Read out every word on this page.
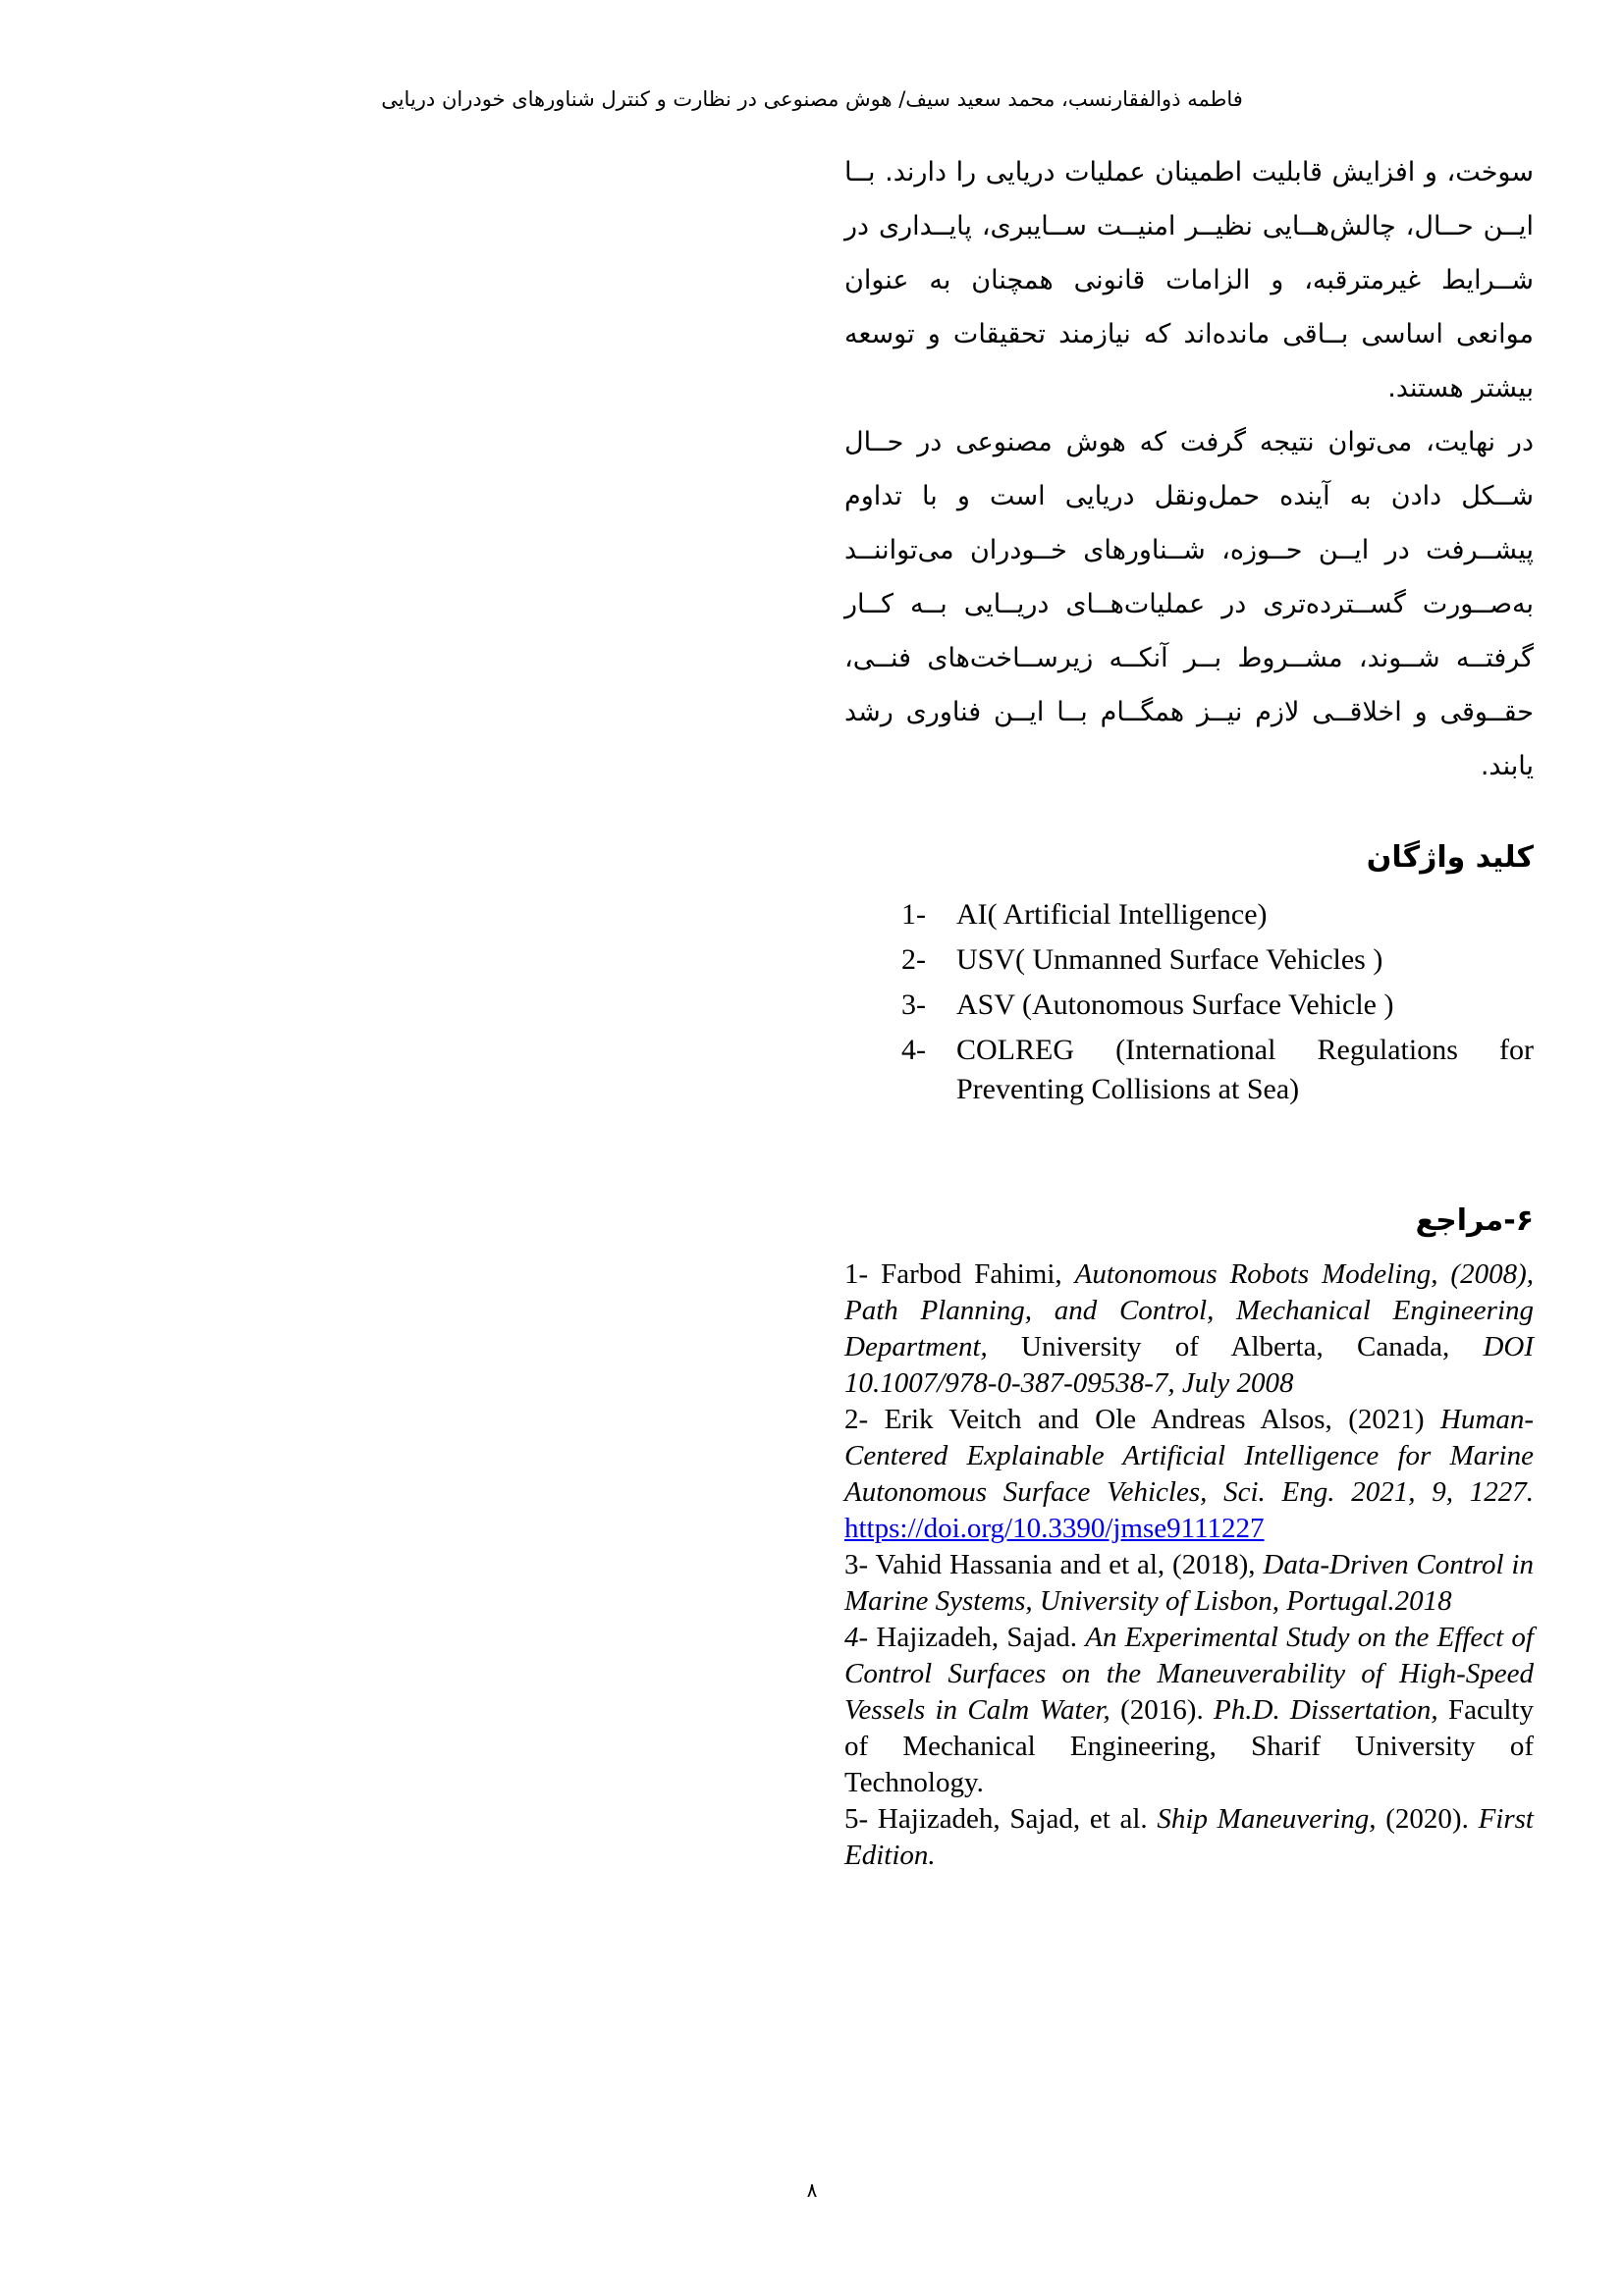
فاطمه ذوالفقارنسب، محمد سعید سیف/ هوش مصنوعی در نظارت و کنترل شناورهای خودران دریایی

سوخت، و افزایش قابلیت اطمینان عملیات دریایی را دارند. بــا ایــن حــال، چالش‌هــایی نظیــر امنیــت ســایبری، پایــداری در شــرایط غیرمترقبه، و الزامات قانونی همچنان به عنوان موانعی اساسی بــاقی مانده‌اند که نیازمند تحقیقات و توسعه بیشتر هستند.

در نهایت، می‌توان نتیجه گرفت که هوش مصنوعی در حــال شــکل دادن به آینده حمل‌ونقل دریایی است و با تداوم پیشــرفت در ایــن حــوزه، شــناورهای خــودران می‌تواننــد به‌صــورت گســترده‌تری در عملیات‌هــای دریــایی بــه کــار گرفتــه شــوند، مشــروط بــر آنکــه زیرســاخت‌های فنــی، حقــوقی و اخلاقــی لازم نیــز همگــام بــا ایــن فناوری رشد یابند.

کلید واژگان
1-	AI( Artificial Intelligence)
2-	USV( Unmanned Surface Vehicles )
3-	ASV (Autonomous Surface Vehicle )
4-	COLREG (International Regulations for Preventing Collisions at Sea)
۶-مراجع

1- Farbod Fahimi, Autonomous Robots Modeling, (2008), Path Planning, and Control, Mechanical Engineering Department, University of Alberta, Canada, DOI 10.1007/978-0-387-09538-7, July 2008

2- Erik Veitch and Ole Andreas Alsos, (2021) Human-Centered Explainable Artificial Intelligence for Marine Autonomous Surface Vehicles, Sci. Eng. 2021, 9, 1227. https://doi.org/10.3390/jmse9111227

3- Vahid Hassania and et al, (2018), Data-Driven Control in Marine Systems, University of Lisbon, Portugal.2018

4- Hajizadeh, Sajad. An Experimental Study on the Effect of Control Surfaces on the Maneuverability of High-Speed Vessels in Calm Water, (2016). Ph.D. Dissertation, Faculty of Mechanical Engineering, Sharif University of Technology.

5- Hajizadeh, Sajad, et al. Ship Maneuvering, (2020). First Edition.

۸
